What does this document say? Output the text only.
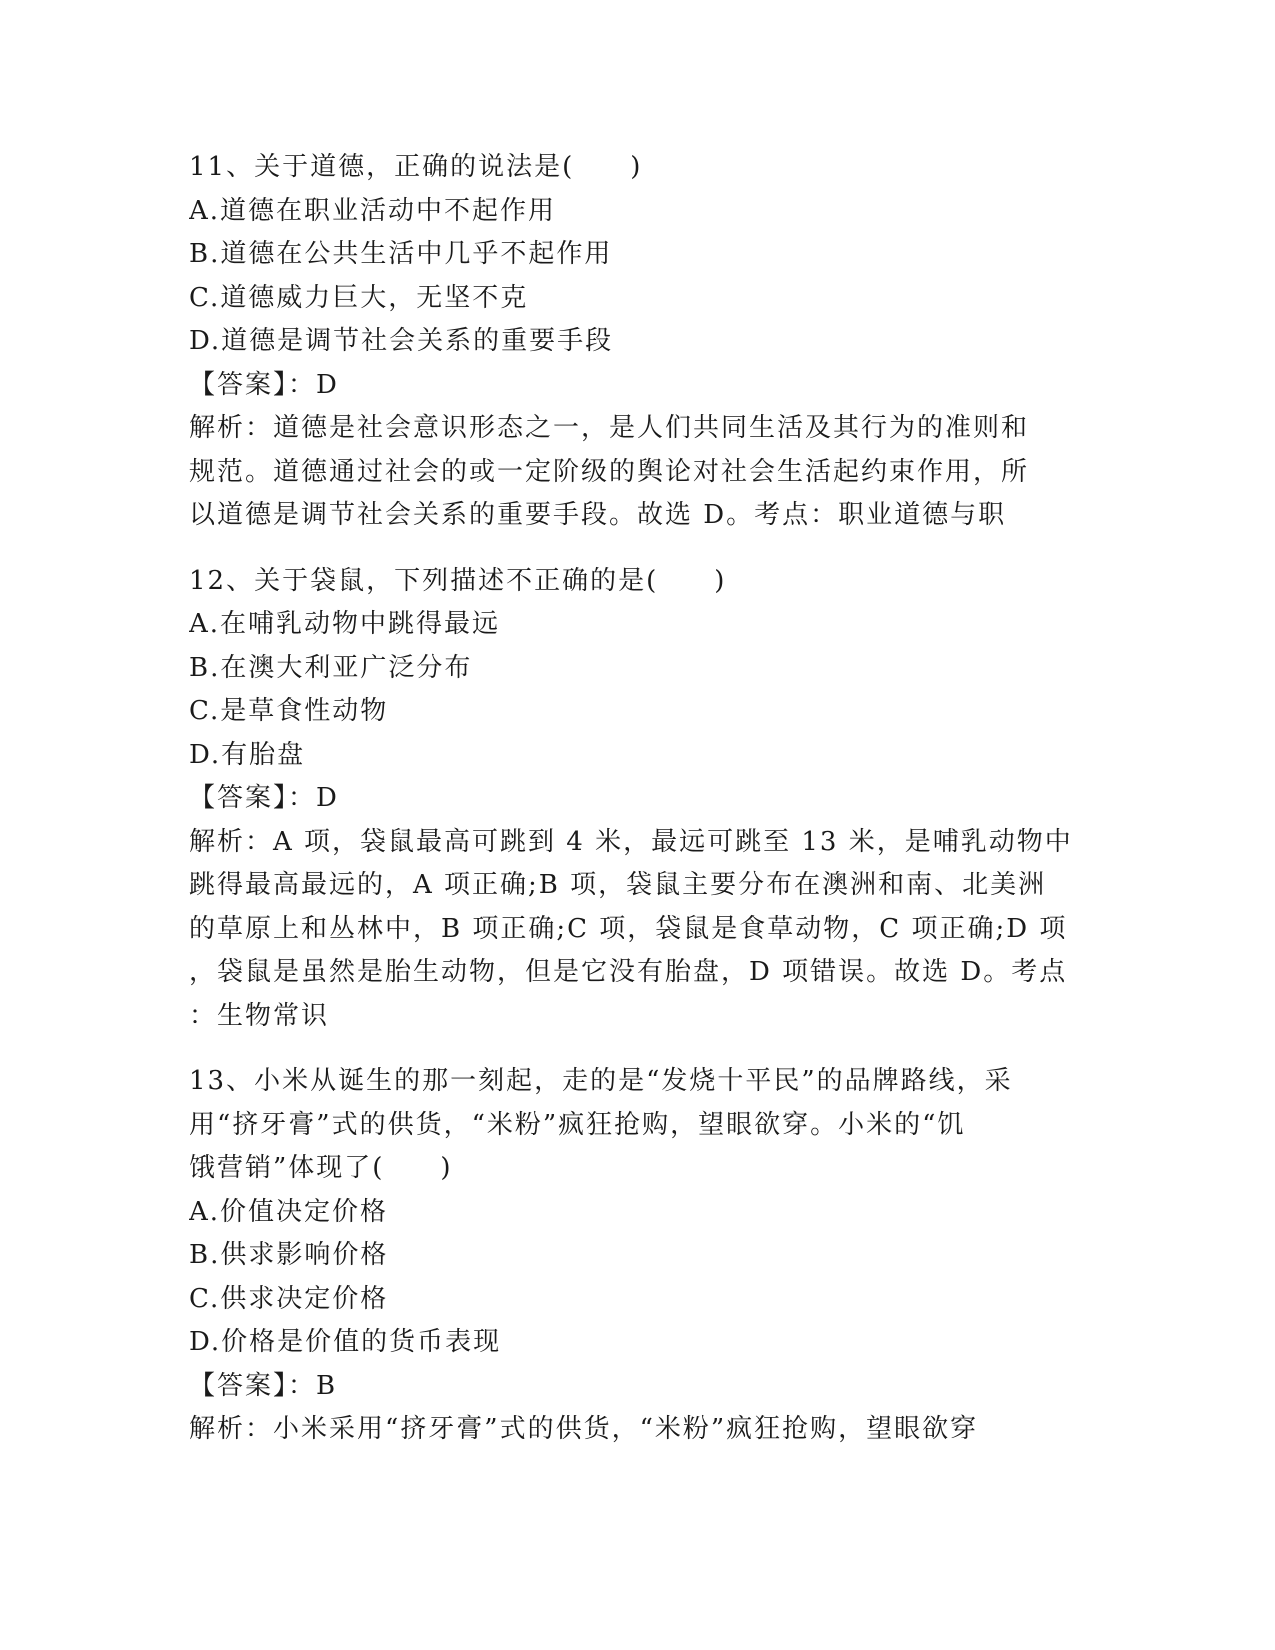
11、关于道德，正确的说法是(　　)
A.道德在职业活动中不起作用
B.道德在公共生活中几乎不起作用
C.道德威力巨大，无坚不克
D.道德是调节社会关系的重要手段
【答案】：D
解析：道德是社会意识形态之一，是人们共同生活及其行为的准则和
规范。道德通过社会的或一定阶级的舆论对社会生活起约束作用，所
以道德是调节社会关系的重要手段。故选 D。考点：职业道德与职
12、关于袋鼠，下列描述不正确的是(　　)
A.在哺乳动物中跳得最远
B.在澳大利亚广泛分布
C.是草食性动物
D.有胎盘
【答案】：D
解析：A 项，袋鼠最高可跳到 4 米，最远可跳至 13 米，是哺乳动物中
跳得最高最远的，A 项正确;B 项，袋鼠主要分布在澳洲和南、北美洲
的草原上和丛林中，B 项正确;C 项，袋鼠是食草动物，C 项正确;D 项
，袋鼠是虽然是胎生动物，但是它没有胎盘，D 项错误。故选 D。考点
：生物常识
13、小米从诞生的那一刻起，走的是“发烧十平民”的品牌路线，采
用“挤牙膏”式的供货，“米粉”疯狂抢购，望眼欲穿。小米的“饥
饿营销”体现了(　　)
A.价值决定价格
B.供求影响价格
C.供求决定价格
D.价格是价值的货币表现
【答案】：B
解析：小米采用“挤牙膏”式的供货，“米粉”疯狂抢购，望眼欲穿
